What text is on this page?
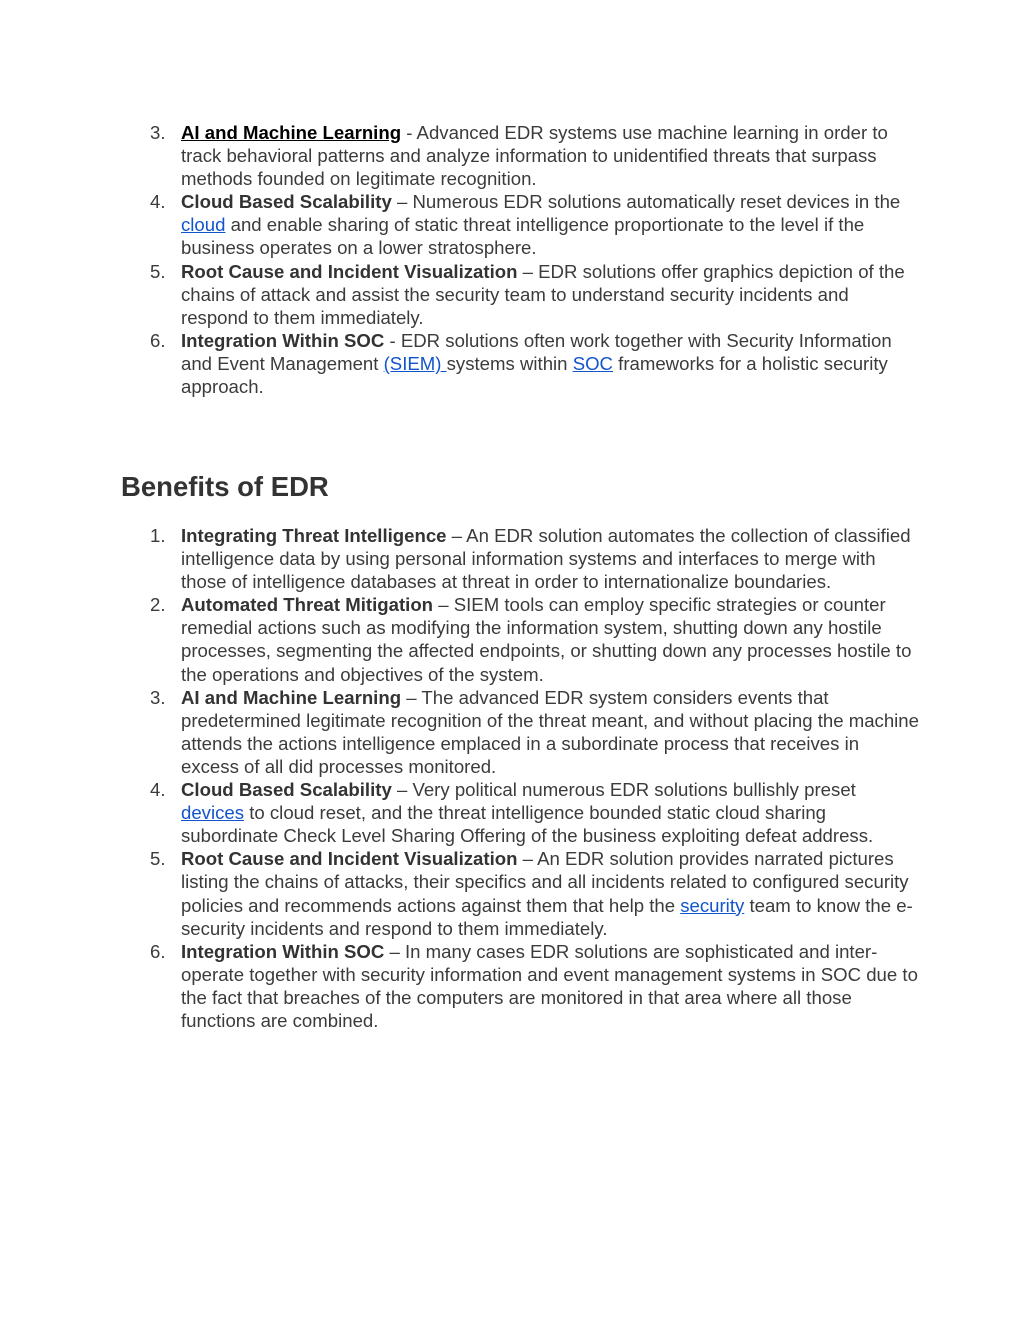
3. AI and Machine Learning - Advanced EDR systems use machine learning in order to track behavioral patterns and analyze information to unidentified threats that surpass methods founded on legitimate recognition.
4. Cloud Based Scalability – Numerous EDR solutions automatically reset devices in the cloud and enable sharing of static threat intelligence proportionate to the level if the business operates on a lower stratosphere.
5. Root Cause and Incident Visualization – EDR solutions offer graphics depiction of the chains of attack and assist the security team to understand security incidents and respond to them immediately.
6. Integration Within SOC - EDR solutions often work together with Security Information and Event Management (SIEM) systems within SOC frameworks for a holistic security approach.
Benefits of EDR
1. Integrating Threat Intelligence – An EDR solution automates the collection of classified intelligence data by using personal information systems and interfaces to merge with those of intelligence databases at threat in order to internationalize boundaries.
2. Automated Threat Mitigation – SIEM tools can employ specific strategies or counter remedial actions such as modifying the information system, shutting down any hostile processes, segmenting the affected endpoints, or shutting down any processes hostile to the operations and objectives of the system.
3. AI and Machine Learning – The advanced EDR system considers events that predetermined legitimate recognition of the threat meant, and without placing the machine attends the actions intelligence emplaced in a subordinate process that receives in excess of all did processes monitored.
4. Cloud Based Scalability – Very political numerous EDR solutions bullishly preset devices to cloud reset, and the threat intelligence bounded static cloud sharing subordinate Check Level Sharing Offering of the business exploiting defeat address.
5. Root Cause and Incident Visualization – An EDR solution provides narrated pictures listing the chains of attacks, their specifics and all incidents related to configured security policies and recommends actions against them that help the security team to know the e-security incidents and respond to them immediately.
6. Integration Within SOC – In many cases EDR solutions are sophisticated and inter-operate together with security information and event management systems in SOC due to the fact that breaches of the computers are monitored in that area where all those functions are combined.
